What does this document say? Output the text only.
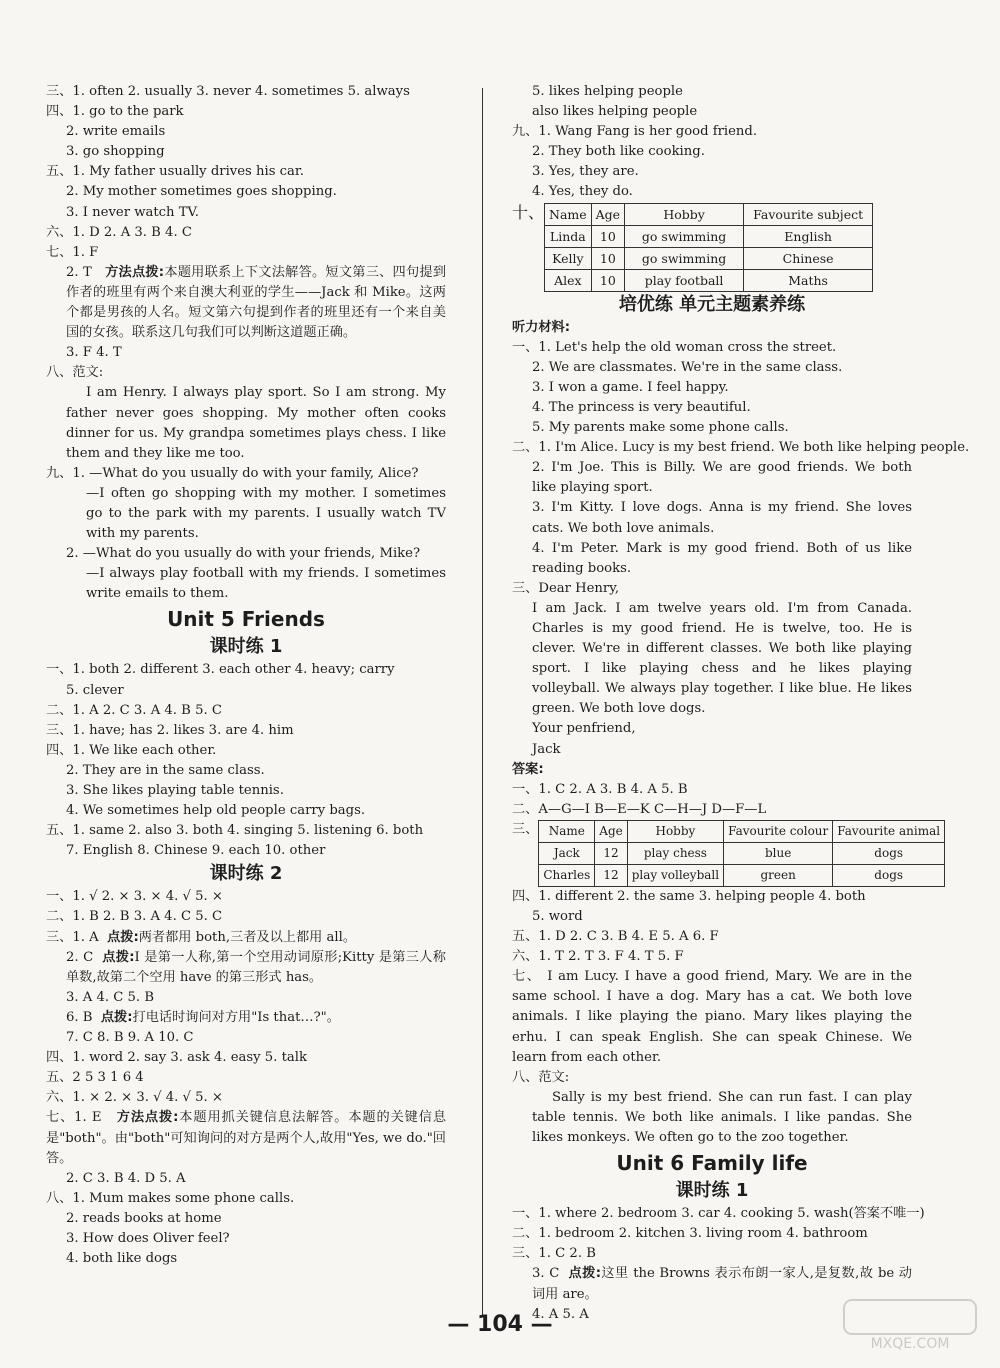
三、1. often 2. usually 3. never 4. sometimes 5. always
四、1. go to the park
2. write emails
3. go shopping
五、1. My father usually drives his car.
2. My mother sometimes goes shopping.
3. I never watch TV.
六、1. D 2. A 3. B 4. C
七、1. F
2. T 方法点拨:本题用联系上下文法解答。短文第三、四句提到作者的班里有两个来自澳大利亚的学生——Jack 和 Mike。这两个都是男孩的人名。短文第六句提到作者的班里还有一个来自美国的女孩。联系这几句我们可以判断这道题正确。
3. F 4. T
八、范文:
I am Henry. I always play sport. So I am strong. My father never goes shopping. My mother often cooks dinner for us. My grandpa sometimes plays chess. I like them and they like me too.
九、1. —What do you usually do with your family, Alice?
—I often go shopping with my mother. I sometimes go to the park with my parents. I usually watch TV with my parents.
2. —What do you usually do with your friends, Mike?
—I always play football with my friends. I sometimes write emails to them.
Unit 5 Friends
课时练 1
一、1. both 2. different 3. each other 4. heavy; carry
5. clever
二、1. A 2. C 3. A 4. B 5. C
三、1. have; has 2. likes 3. are 4. him
四、1. We like each other.
2. They are in the same class.
3. She likes playing table tennis.
4. We sometimes help old people carry bags.
五、1. same 2. also 3. both 4. singing 5. listening 6. both
7. English 8. Chinese 9. each 10. other
课时练 2
一、1. √ 2. × 3. × 4. √ 5. ×
二、1. B 2. B 3. A 4. C 5. C
三、1. A 点拨:两者都用 both,三者及以上都用 all。
2. C 点拨:I 是第一人称,第一个空用动词原形;Kitty 是第三人称单数,故第二个空用 have 的第三形式 has。
3. A 4. C 5. B
6. B 点拨:打电话时询问对方用"Is that…?"。
7. C 8. B 9. A 10. C
四、1. word 2. say 3. ask 4. easy 5. talk
五、2 5 3 1 6 4
六、1. × 2. × 3. √ 4. √ 5. ×
七、1. E 方法点拨:本题用抓关键信息法解答。本题的关键信息是"both"。由"both"可知询问的对方是两个人,故用"Yes, we do."回答。
2. C 3. B 4. D 5. A
八、1. Mum makes some phone calls.
2. reads books at home
3. How does Oliver feel?
4. both like dogs
5. likes helping people
also likes helping people
九、1. Wang Fang is her good friend.
2. They both like cooking.
3. Yes, they are.
4. Yes, they do.
十、 Name	Age	Hobby	Favourite subject
Linda	10	go swimming	English
Kelly	10	go swimming	Chinese
Alex	10	play football	Maths
培优练 单元主题素养练
听力材料:
一、1. Let's help the old woman cross the street.
2. We are classmates. We're in the same class.
3. I won a game. I feel happy.
4. The princess is very beautiful.
5. My parents make some phone calls.
二、1. I'm Alice. Lucy is my best friend. We both like helping people.
2. I'm Joe. This is Billy. We are good friends. We both like playing sport.
3. I'm Kitty. I love dogs. Anna is my friend. She loves cats. We both love animals.
4. I'm Peter. Mark is my good friend. Both of us like reading books.
三、Dear Henry,
I am Jack. I am twelve years old. I'm from Canada. Charles is my good friend. He is twelve, too. He is clever. We're in different classes. We both like playing sport. I like playing chess and he likes playing volleyball. We always play together. I like blue. He likes green. We both love dogs.
Your penfriend,
Jack
答案:
一、1. C 2. A 3. B 4. A 5. B
二、A—G—I B—E—K C—H—J D—F—L
三、 Name	Age	Hobby	Favourite colour	Favourite animal
Jack	12	play chess	blue	dogs
Charles	12	play volleyball	green	dogs
四、1. different 2. the same 3. helping people 4. both
5. word
五、1. D 2. C 3. B 4. E 5. A 6. F
六、1. T 2. T 3. F 4. T 5. F
七、 I am Lucy. I have a good friend, Mary. We are in the same school. I have a dog. Mary has a cat. We both love animals. I like playing the piano. Mary likes playing the erhu. I can speak English. She can speak Chinese. We learn from each other.
八、范文:
Sally is my best friend. She can run fast. I can play table tennis. We both like animals. I like pandas. She likes monkeys. We often go to the zoo together.
Unit 6 Family life
课时练 1
一、1. where 2. bedroom 3. car 4. cooking 5. wash(答案不唯一)
二、1. bedroom 2. kitchen 3. living room 4. bathroom
三、1. C 2. B
3. C 点拨:这里 the Browns 表示布朗一家人,是复数,故 be 动词用 are。
4. A 5. A
— 104 —
MXQE.COM
